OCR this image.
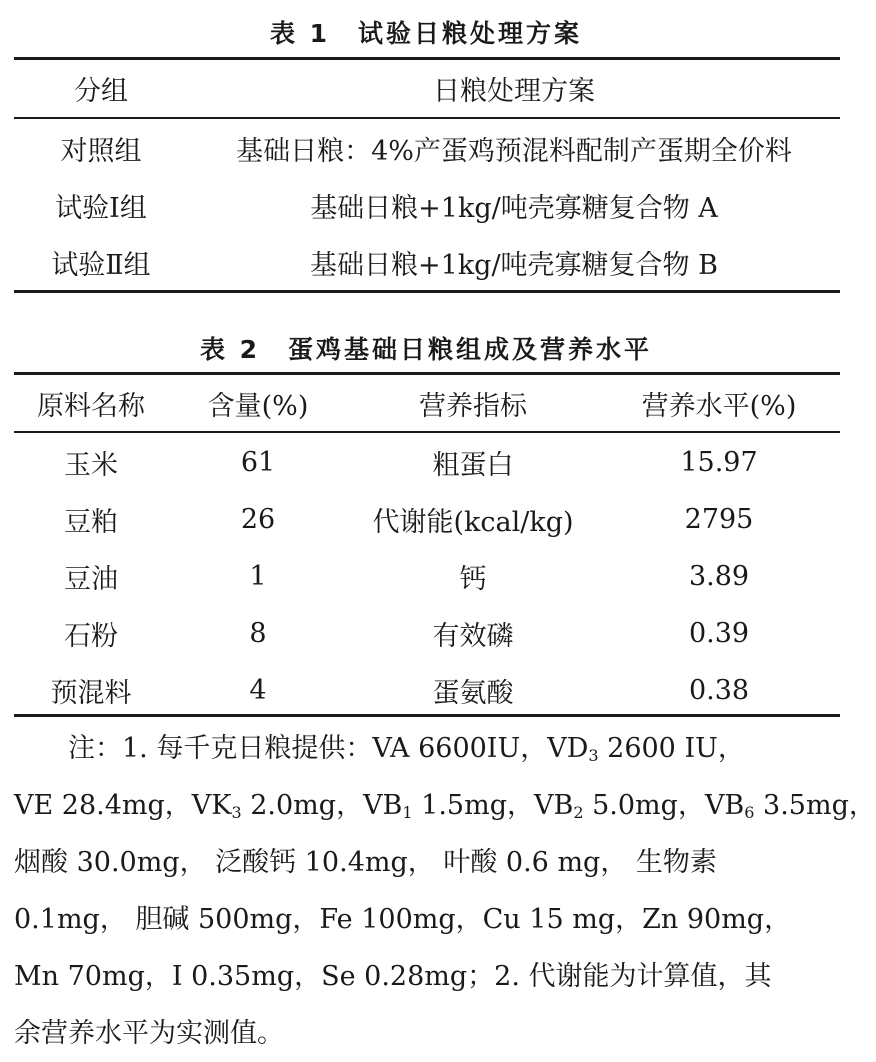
表 1　试验日粮处理方案
分组	日粮处理方案
对照组	基础日粮：4%产蛋鸡预混料配制产蛋期全价料
试验Ⅰ组	基础日粮+1kg/吨壳寡糖复合物 A
试验Ⅱ组	基础日粮+1kg/吨壳寡糖复合物 B
表 2　蛋鸡基础日粮组成及营养水平
原料名称	含量(%)	营养指标	营养水平(%)
玉米	61	粗蛋白	15.97
豆粕	26	代谢能(kcal/kg)	2795
豆油	1	钙	3.89
石粉	8	有效磷	0.39
预混料	4	蛋氨酸	0.38
　　注：1. 每千克日粮提供：VA 6600IU，$VD_3$ 2600 IU，
VE 28.4mg，$VK_3$ 2.0mg，$VB_1$ 1.5mg，$VB_2$ 5.0mg，$VB_6$ 3.5mg，
烟酸 30.0mg， 泛酸钙 10.4mg， 叶酸 0.6 mg， 生物素
0.1mg， 胆碱 500mg，Fe 100mg，Cu 15 mg，Zn 90mg，
Mn 70mg，I 0.35mg，Se 0.28mg；2. 代谢能为计算值，其
余营养水平为实测值。
